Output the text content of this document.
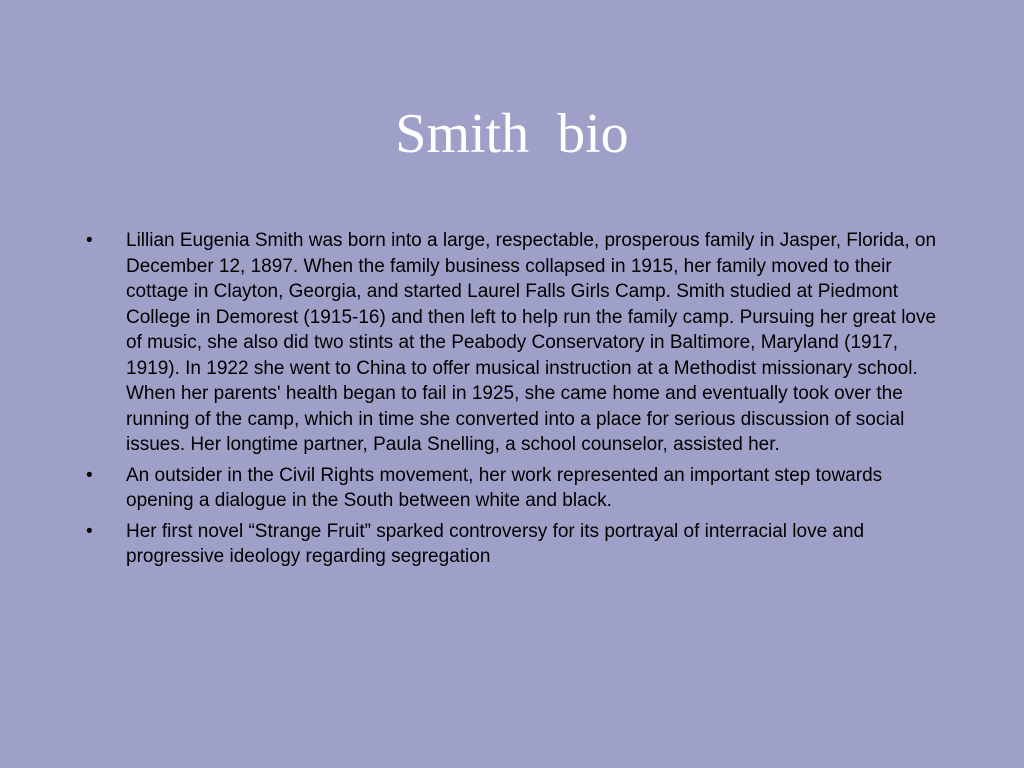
Smith  bio
• Lillian Eugenia Smith was born into a large, respectable, prosperous family in Jasper, Florida, on December 12, 1897. When the family business collapsed in 1915, her family moved to their cottage in Clayton, Georgia, and started Laurel Falls Girls Camp. Smith studied at Piedmont College in Demorest (1915-16) and then left to help run the family camp. Pursuing her great love of music, she also did two stints at the Peabody Conservatory in Baltimore, Maryland (1917, 1919). In 1922 she went to China to offer musical instruction at a Methodist missionary school. When her parents' health began to fail in 1925, she came home and eventually took over the running of the camp, which in time she converted into a place for serious discussion of social issues. Her longtime partner, Paula Snelling, a school counselor, assisted her.
• An outsider in the Civil Rights movement, her work represented an important step towards opening a dialogue in the South between white and black.
• Her first novel “Strange Fruit” sparked controversy for its portrayal of interracial love and progressive ideology regarding segregation
